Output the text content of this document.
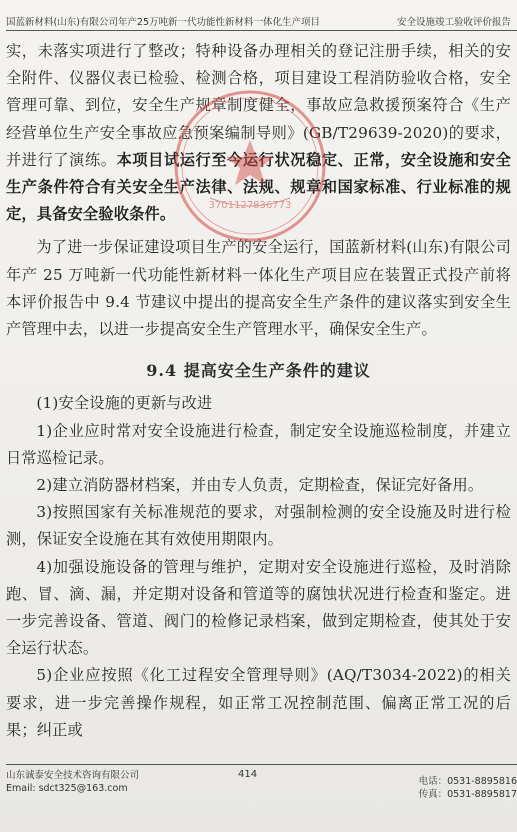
国蓝新材料(山东)有限公司年产25万吨新一代功能性新材料一体化生产项目	安全设施竣工验收评价报告

实，未落实项进行了整改；特种设备办理相关的登记注册手续，相关的安全附件、仪器仪表已检验、检测合格，项目建设工程消防验收合格，安全管理可靠、到位，安全生产规章制度健全，事故应急救援预案符合《生产经营单位生产安全事故应急预案编制导则》(GB/T29639-2020)的要求，并进行了演练。本项目试运行至今运行状况稳定、正常，安全设施和安全生产条件符合有关安全生产法律、法规、规章和国家标准、行业标准的规定，具备安全验收条件。

为了进一步保证建设项目生产的安全运行，国蓝新材料(山东)有限公司年产 25 万吨新一代功能性新材料一体化生产项目应在装置正式投产前将本评价报告中 9.4 节建议中提出的提高安全生产条件的建议落实到安全生产管理中去，以进一步提高安全生产管理水平，确保安全生产。

9.4 提高安全生产条件的建议

(1)安全设施的更新与改进

1)企业应时常对安全设施进行检查，制定安全设施巡检制度，并建立日常巡检记录。

2)建立消防器材档案，并由专人负责，定期检查，保证完好备用。

3)按照国家有关标准规范的要求，对强制检测的安全设施及时进行检测，保证安全设施在其有效使用期限内。

4)加强设施设备的管理与维护，定期对安全设施进行巡检，及时消除跑、冒、滴、漏，并定期对设备和管道等的腐蚀状况进行检查和鉴定。进一步完善设备、管道、阀门的检修记录档案，做到定期检查，使其处于安全运行状态。

5)企业应按照《化工过程安全管理导则》(AQ/T3034-2022)的相关要求，进一步完善操作规程，如正常工况控制范围、偏离正常工况的后果；纠正或

3701127836773
山东诚泰安全技术咨询有限公司
Email: sdct325@163.com
414
电话：0531-8895816
传真：0531-8895817
